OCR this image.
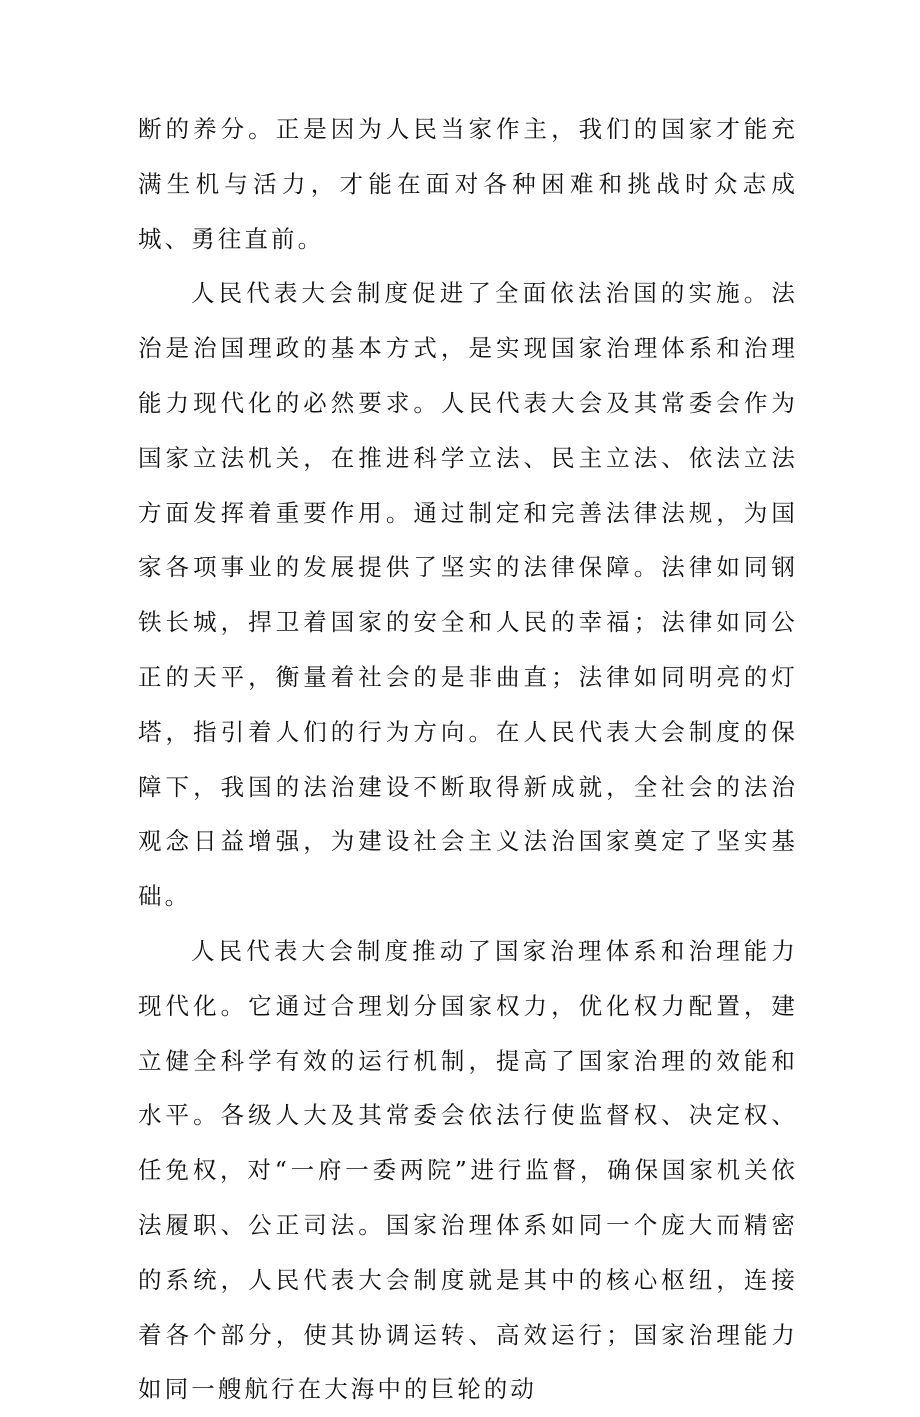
断的养分。正是因为人民当家作主，我们的国家才能充满生机与活力，才能在面对各种困难和挑战时众志成城、勇往直前。

人民代表大会制度促进了全面依法治国的实施。法治是治国理政的基本方式，是实现国家治理体系和治理能力现代化的必然要求。人民代表大会及其常委会作为国家立法机关，在推进科学立法、民主立法、依法立法方面发挥着重要作用。通过制定和完善法律法规，为国家各项事业的发展提供了坚实的法律保障。法律如同钢铁长城，捍卫着国家的安全和人民的幸福；法律如同公正的天平，衡量着社会的是非曲直；法律如同明亮的灯塔，指引着人们的行为方向。在人民代表大会制度的保障下，我国的法治建设不断取得新成就，全社会的法治观念日益增强，为建设社会主义法治国家奠定了坚实基础。

人民代表大会制度推动了国家治理体系和治理能力现代化。它通过合理划分国家权力，优化权力配置，建立健全科学有效的运行机制，提高了国家治理的效能和水平。各级人大及其常委会依法行使监督权、决定权、任免权，对“一府一委两院”进行监督，确保国家机关依法履职、公正司法。国家治理体系如同一个庞大而精密的系统，人民代表大会制度就是其中的核心枢纽，连接着各个部分，使其协调运转、高效运行；国家治理能力如同一艘航行在大海中的巨轮的动
